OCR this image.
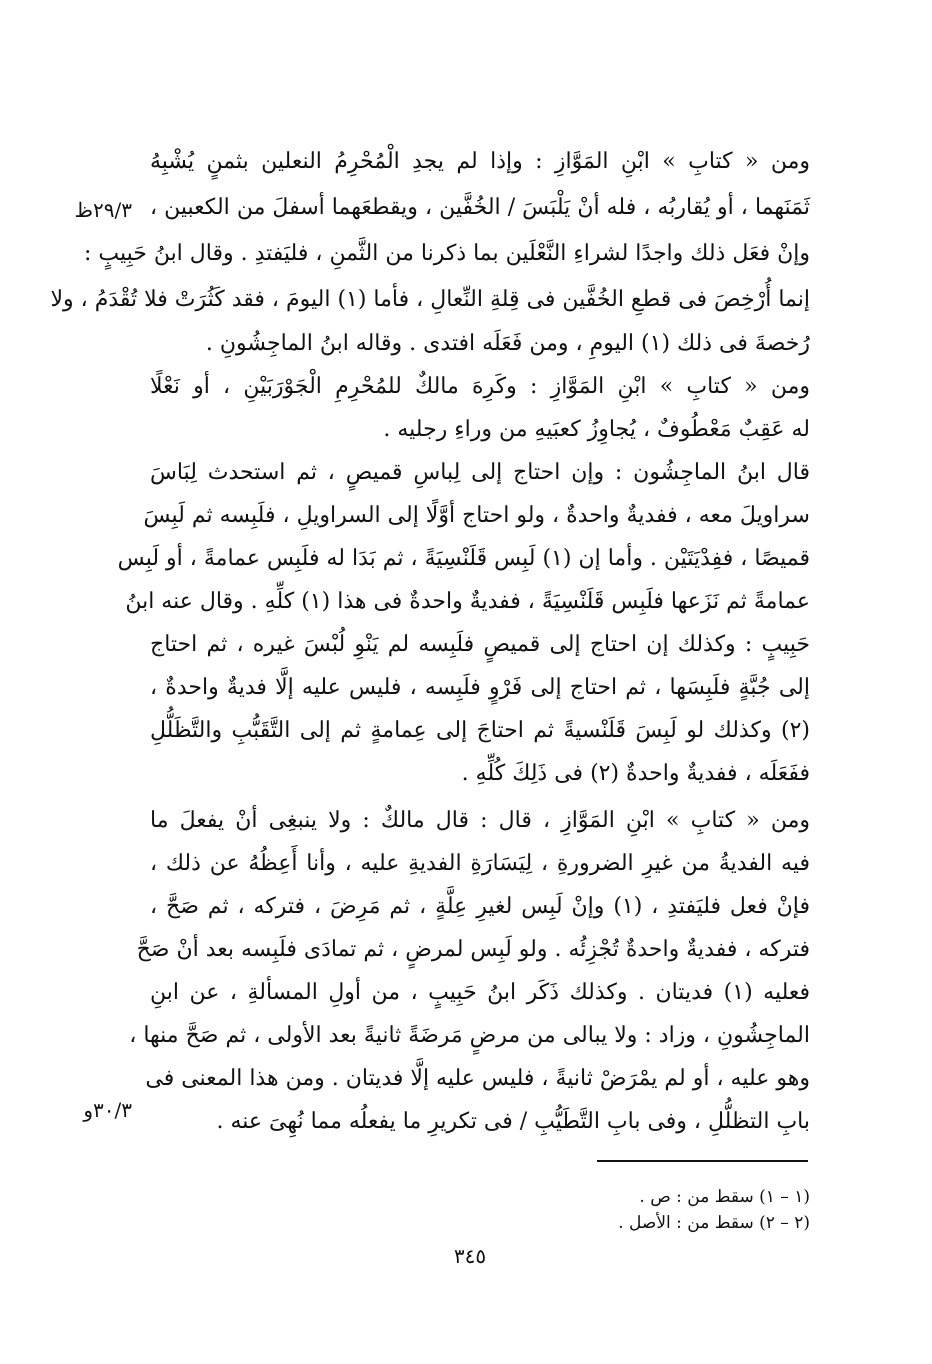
ومن « كتابِ » ابْنِ المَوَّازِ : وإذا لم يجدِ الْمُحْرِمُ النعلين بثمنٍ يُشْبِهُ
ثَمَنَهما ، أو يُقاربُه ، فله أنْ يَلْبَسَ / الخُفَّين ، ويقطعَهما أسفلَ من الكعبين ،
وإنْ فعَل ذلك واجدًا لشراءِ النَّعْلَين بما ذكرنا من الثَّمنِ ، فليَفتدِ . وقال ابنُ حَبِيبٍ :
إنما أُرْخِصَ فى قطعِ الخُفَّين فى قِلةِ النِّعالِ ، فأما (١) اليومَ ، فقد كَثُرَتْ فلا تُقْدَمُ ، ولا
رُخصةَ فى ذلك (١) اليومِ ، ومن فَعَلَه افتدى . وقاله ابنُ الماجِشُونِ .
ومن « كتابِ » ابْنِ المَوَّازِ : وكَرِهَ مالكٌ للمُحْرِمِ الْجَوْرَبَيْنِ ، أو نَعْلًا
له عَقِبٌ مَعْطُوفٌ ، يُجاوِزُ كعبَيهِ من وراءِ رجليه .
قال ابنُ الماجِشُون : وإن احتاج إلى لِباسِ قميصٍ ، ثم استحدث لِبَاسَ
سراويلَ معه ، ففديةٌ واحدةٌ ، ولو احتاج أوَّلًا إلى السراويلِ ، فلَبِسه ثم لَبِسَ
قميصًا ، ففِدْيَتَيْن . وأما إن (١) لَبِس قَلَنْسِيَةً ، ثم بَدَا له فلَبِس عمامةً ، أو لَبِس
عمامةً ثم نَزَعها فلَبِس قَلَنْسِيَةً ، ففديةٌ واحدةٌ فى هذا (١) كلِّهِ . وقال عنه ابنُ
حَبِيبٍ : وكذلك إن احتاج إلى قميصٍ فلَبِسه لم يَنْوِ لُبْسَ غيره ، ثم احتاج
إلى جُبَّةٍ فلَبِسَها ، ثم احتاج إلى فَرْوٍ فلَبِسه ، فليس عليه إلَّا فديةٌ واحدةٌ ،
(٢) وكذلك لو لَبِسَ قَلَنْسيةً ثم احتاجَ إلى عِمامةٍ ثم إلى التَّقَبُّبِ والتَّظَلُّلِ
ففَعَلَه ، ففديةٌ واحدةٌ (٢) فى ذَلِكَ كُلِّهِ .
ومن « كتابِ » ابْنِ المَوَّازِ ، قال : قال مالكٌ : ولا ينبغِى أنْ يفعلَ ما
فيه الفديةُ من غيرِ الضرورةِ ، لِيَسَارَةِ الفديةِ عليه ، وأنا أَعِظُهُ عن ذلك ،
فإنْ فعل فليَفتدِ ، (١) وإنْ لَبِس لغيرِ عِلَّةٍ ، ثم مَرِضَ ، فتركه ، ثم صَحَّ ،
فتركه ، ففديةٌ واحدةٌ تُجْزِئُه . ولو لَبِس لمرضٍ ، ثم تمادَى فلَبِسه بعد أنْ صَحَّ
فعليه (١) فديتان . وكذلك ذَكَر ابنُ حَبِيبٍ ، من أولِ المسألةِ ، عن ابنِ
الماجِشُونِ ، وزاد : ولا يبالى من مرضٍ مَرضَةً ثانيةً بعد الأولى ، ثم صَحَّ منها ،
وهو عليه ، أو لم يمْرَضْ ثانيةً ، فليس عليه إلَّا فديتان . ومن هذا المعنى فى
بابِ التظلُّلِ ، وفى بابِ التَّطَيُّبِ / فى تكريرِ ما يفعلُه مما نُهِىَ عنه .
٢٩/٣ظ
٣٠/٣و
(١ – ١) سقط من : ص .
(٢ – ٢) سقط من : الأصل .
٣٤٥
